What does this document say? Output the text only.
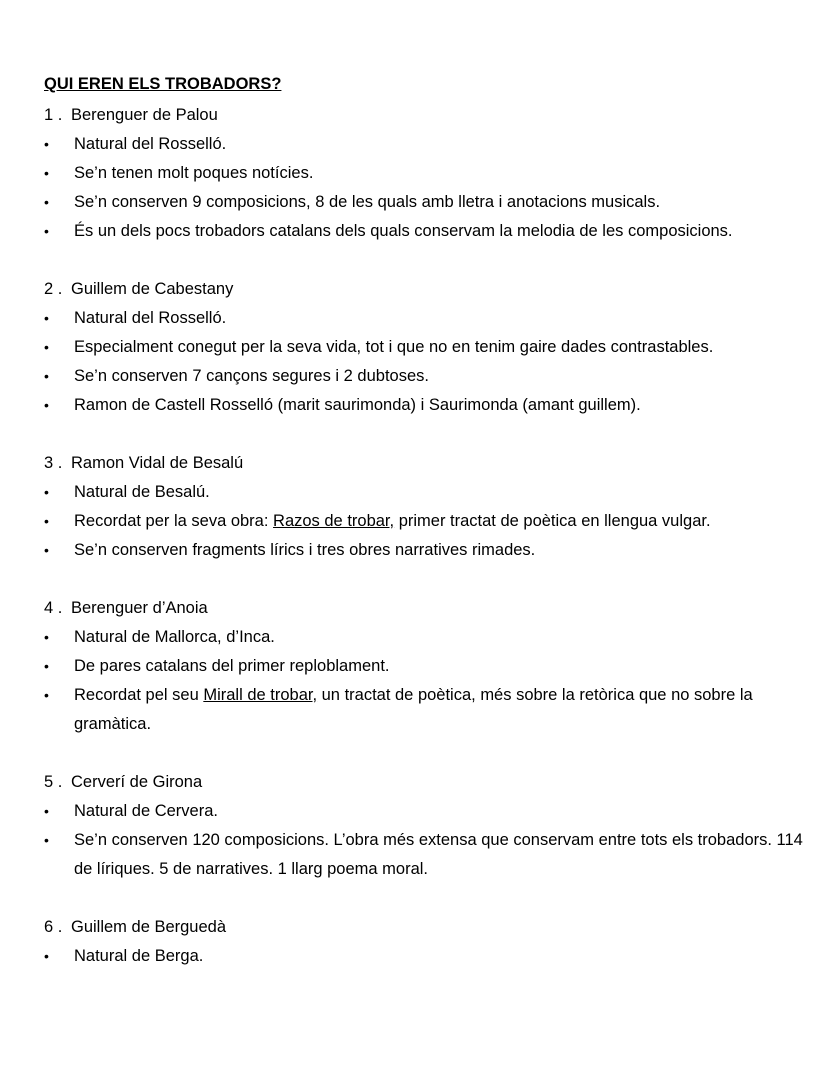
QUI EREN ELS TROBADORS?
1 . Berenguer de Palou
•	Natural del Rosselló.
•	Se’n tenen molt poques notícies.
•	Se’n conserven 9 composicions, 8 de les quals amb lletra i anotacions musicals.
•	És un dels pocs trobadors catalans dels quals conservam la melodia de les composicions.
2 . Guillem de Cabestany
•	Natural del Rosselló.
•	Especialment conegut per la seva vida, tot i que no en tenim gaire dades contrastables.
•	Se’n conserven 7 cançons segures i 2 dubtoses.
•	Ramon de Castell Rosselló (marit saurimonda) i Saurimonda (amant guillem).
3 . Ramon Vidal de Besalú
•	Natural de Besalú.
•	Recordat per la seva obra: Razos de trobar, primer tractat de poètica en llengua vulgar.
•	Se’n conserven fragments lírics i tres obres narratives rimades.
4 . Berenguer d’Anoia
•	Natural de Mallorca, d’Inca.
•	De pares catalans del primer reploblament.
•	Recordat pel seu Mirall de trobar, un tractat de poètica, més sobre la retòrica que no sobre la gramàtica.
5 . Cerverí de Girona
•	Natural de Cervera.
•	Se’n conserven 120 composicions. L’obra més extensa que conservam entre tots els trobadors. 114 de líriques. 5 de narratives. 1 llarg poema moral.
6 . Guillem de Berguedà
•	Natural de Berga.
